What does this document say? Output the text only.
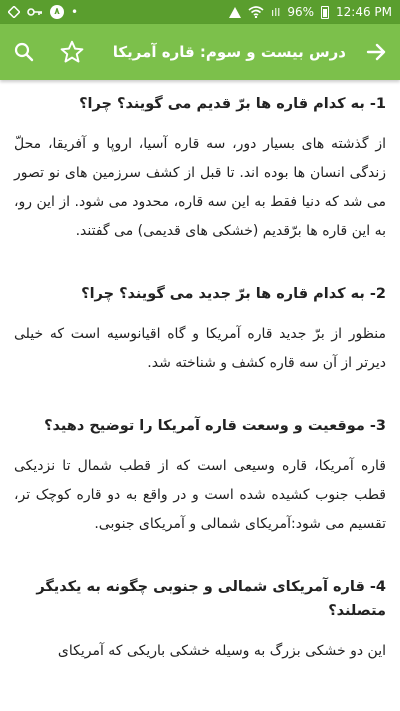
٨ •	ıll 96% 12:46 PM
درس بیست و سوم: قاره آمریکا

1- به کدام قاره ها برّ قدیم می گویند؟ چرا؟

از گذشته های بسیار دور، سه قاره آسیا، اروپا و آفریقا، محلّ زندگی انسان ها بوده اند. تا قبل از کشف سرزمین های نو تصور می شد که دنیا فقط به این سه قاره، محدود می شود. از این رو، به این قاره ها برّقدیم (خشکی های قدیمی) می گفتند.

2- به کدام قاره ها برّ جدید می گویند؟ چرا؟

منظور از برّ جدید قاره آمریکا و گاه اقیانوسیه است که خیلی دیرتر از آن سه قاره کشف و شناخته شد.

3- موقعیت و وسعت قاره آمریکا را توضیح دهید؟

قاره آمریکا، قاره وسیعی است که از قطب شمال تا نزدیکی قطب جنوب کشیده شده است و در واقع به دو قاره کوچک تر، تقسیم می شود:آمریکای شمالی و آمریکای جنوبی.

4- قاره آمریکای شمالی و جنوبی چگونه به یکدیگر متصلند؟

این دو خشکی بزرگ به وسیله خشکی باریکی که آمریکای
